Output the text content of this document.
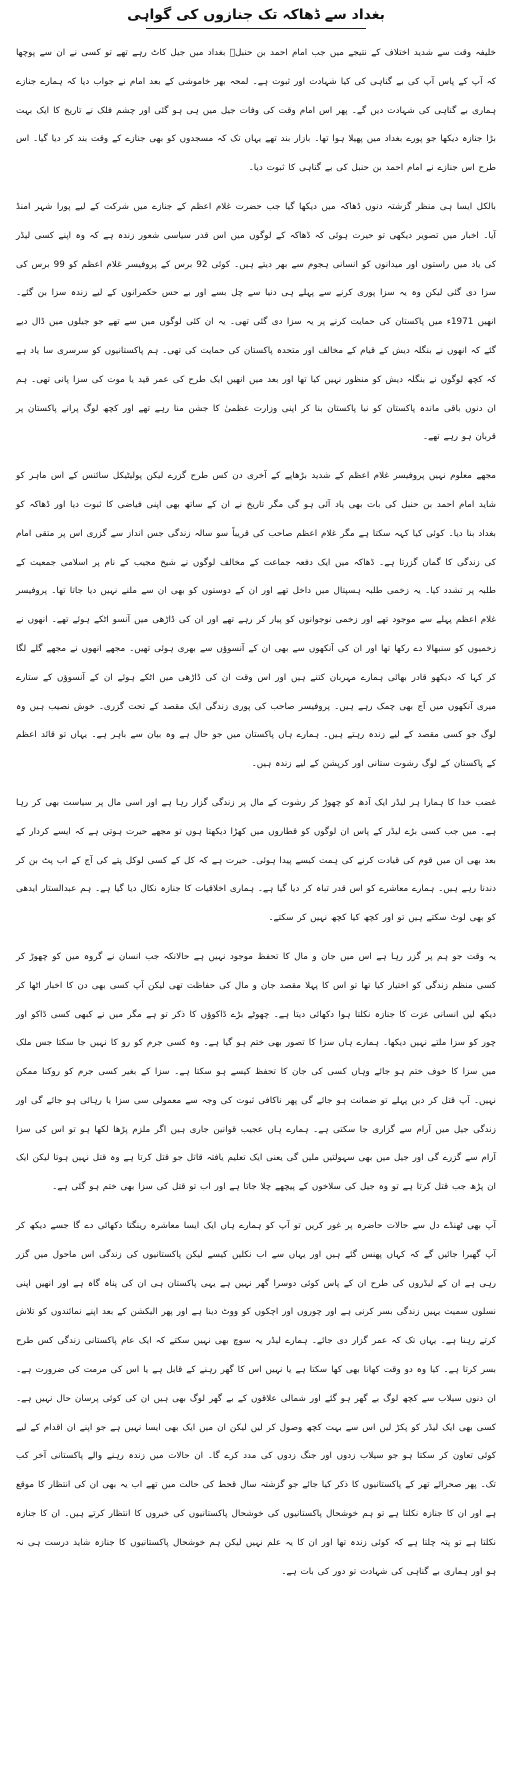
بغداد سے ڈھاکہ تک جنازوں کی گواہی

خلیفہ وقت سے شدید اختلاف کے نتیجے میں جب امام احمد بن حنبلؒ بغداد میں جیل کاٹ رہے تھے تو کسی نے ان سے پوچھا کہ آپ کے پاس آپ کی بے گناہی کی کیا شہادت اور ثبوت ہے۔ لمحہ بھر خاموشی کے بعد امام نے جواب دیا کہ ہمارے جنازے ہماری بے گناہی کی شہادت دیں گے۔ پھر اس امام وقت کی وفات جیل میں ہی ہو گئی اور چشم فلک نے تاریخ کا ایک بہت بڑا جنازہ دیکھا جو پورے بغداد میں پھیلا ہوا تھا۔ بازار بند تھے یہاں تک کہ مسجدوں کو بھی جنازے کے وقت بند کر دیا گیا۔ اس طرح اس جنازے نے امام احمد بن حنبل کی بے گناہی کا ثبوت دیا۔

بالکل ایسا ہی منظر گزشتہ دنوں ڈھاکہ میں دیکھا گیا جب حضرت غلام اعظم کے جنازے میں شرکت کے لیے پورا شہر امنڈ آیا۔ اخبار میں تصویر دیکھی تو حیرت ہوئی کہ ڈھاکہ کے لوگوں میں اس قدر سیاسی شعور زندہ ہے کہ وہ اپنے کسی لیڈر کی یاد میں راستوں اور میدانوں کو انسانی ہجوم سے بھر دیتے ہیں۔ کوئی 92 برس کے پروفیسر غلام اعظم کو 99 برس کی سزا دی گئی لیکن وہ یہ سزا پوری کرنے سے پہلے ہی دنیا سے چل بسے اور بے حس حکمرانوں کے لیے زندہ سزا بن گئے۔ انھیں 1971ء میں پاکستان کی حمایت کرنے پر یہ سزا دی گئی تھی۔ یہ ان کئی لوگوں میں سے تھے جو جیلوں میں ڈال دیے گئے کہ انھوں نے بنگلہ دیش کے قیام کے مخالف اور متحدہ پاکستان کی حمایت کی تھی۔ ہم پاکستانیوں کو سرسری سا یاد ہے کہ کچھ لوگوں نے بنگلہ دیش کو منظور نہیں کیا تھا اور بعد میں انھیں ایک طرح کی عمر قید یا موت کی سزا پانی تھی۔ ہم ان دنوں باقی ماندہ پاکستان کو نیا پاکستان بنا کر اپنی وزارت عظمیٰ کا جشن منا رہے تھے اور کچھ لوگ پرانے پاکستان پر قربان ہو رہے تھے۔

مجھے معلوم نہیں پروفیسر غلام اعظم کے شدید بڑھاپے کے آخری دن کس طرح گزرے لیکن پولیٹیکل سائنس کے اس ماہر کو شاید امام احمد بن حنبل کی بات بھی یاد آئی ہو گی مگر تاریخ نے ان کے ساتھ بھی اپنی فیاضی کا ثبوت دیا اور ڈھاکہ کو بغداد بنا دیا۔ کوئی کیا کہہ سکتا ہے مگر غلام اعظم صاحب کی قریباً سو سالہ زندگی جس انداز سے گزری اس پر متقی امام کی زندگی کا گمان گزرتا ہے۔ ڈھاکہ میں ایک دفعہ جماعت کے مخالف لوگوں نے شیخ مجیب کے نام پر اسلامی جمعیت کے طلبہ پر تشدد کیا۔ یہ زخمی طلبہ ہسپتال میں داخل تھے اور ان کے دوستوں کو بھی ان سے ملنے نہیں دیا جاتا تھا۔ پروفیسر غلام اعظم پہلے سے موجود تھے اور زخمی نوجوانوں کو پیار کر رہے تھے اور ان کی ڈاڑھی میں آنسو اٹکے ہوئے تھے۔ انھوں نے زخمیوں کو سنبھالا دے رکھا تھا اور ان کی آنکھوں سے بھی ان کے آنسوؤں سے بھری ہوئی تھیں۔ مجھے انھوں نے مجھے گلے لگا کر کہا کہ دیکھو قادر بھائی ہمارے مہربان کتنے ہیں اور اس وقت ان کی ڈاڑھی میں اٹکے ہوئے ان کے آنسوؤں کے ستارے میری آنکھوں میں آج بھی چمک رہے ہیں۔ پروفیسر صاحب کی پوری زندگی ایک مقصد کے تحت گزری۔ خوش نصیب ہیں وہ لوگ جو کسی مقصد کے لیے زندہ رہتے ہیں۔ ہمارے ہاں پاکستان میں جو حال ہے وہ بیان سے باہر ہے۔ یہاں تو قائد اعظم کے پاکستان کے لوگ رشوت ستانی اور کرپشن کے لیے زندہ ہیں۔

غضب خدا کا ہمارا ہر لیڈر ایک آدھ کو چھوڑ کر رشوت کے مال پر زندگی گزار رہا ہے اور اسی مال پر سیاست بھی کر رہا ہے۔ میں جب کسی بڑے لیڈر کے پاس ان لوگوں کو قطاروں میں کھڑا دیکھتا ہوں تو مجھے حیرت ہوتی ہے کہ ایسے کردار کے بعد بھی ان میں قوم کی قیادت کرنے کی ہمت کیسے پیدا ہوئی۔ حیرت ہے کہ کل کے کسی لوکل پتے کی آج کے اب پٹ بن کر دندنا رہے ہیں۔ ہمارے معاشرے کو اس قدر تباہ کر دیا گیا ہے۔ ہماری اخلاقیات کا جنازہ نکال دیا گیا ہے۔ ہم عبدالستار ایدھی کو بھی لوٹ سکتے ہیں تو اور کچھ کیا کچھ نہیں کر سکتے۔

یہ وقت جو ہم پر گزر رہا ہے اس میں جان و مال کا تحفظ موجود نہیں ہے حالانکہ جب انسان نے گروہ میں کو چھوڑ کر کسی منظم زندگی کو اختیار کیا تھا تو اس کا پہلا مقصد جان و مال کی حفاظت تھی لیکن آپ کسی بھی دن کا اخبار اٹھا کر دیکھ لیں انسانی عزت کا جنازہ نکلتا ہوا دکھائی دیتا ہے۔ چھوٹے بڑے ڈاکوؤں کا ذکر تو ہے مگر میں نے کبھی کسی ڈاکو اور چور کو سزا ملتے نہیں دیکھا۔ ہمارے ہاں سزا کا تصور بھی ختم ہو گیا ہے۔ وہ کسی جرم کو رو کا نہیں جا سکتا جس ملک میں سزا کا خوف ختم ہو جائے وہاں کسی کی جان کا تحفظ کیسے ہو سکتا ہے۔ سزا کے بغیر کسی جرم کو روکنا ممکن نہیں۔ آپ قتل کر دیں پہلے تو ضمانت ہو جائے گی پھر ناکافی ثبوت کی وجہ سے معمولی سی سزا یا رہائی ہو جائے گی اور زندگی جیل میں آرام سے گزاری جا سکتی ہے۔ ہمارے ہاں عجیب قوانین جاری ہیں اگر ملزم پڑھا لکھا ہو تو اس کی سزا آرام سے گزرے گی اور جیل میں بھی سہولتیں ملیں گی یعنی ایک تعلیم یافتہ قاتل جو قتل کرتا ہے وہ قتل نہیں ہوتا لیکن ایک ان پڑھ جب قتل کرتا ہے تو وہ جیل کی سلاخوں کے پیچھے چلا جاتا ہے اور اب تو قتل کی سزا بھی ختم ہو گئی ہے۔

آپ بھی ٹھنڈے دل سے حالات حاضرہ پر غور کریں تو آپ کو ہمارے ہاں ایک ایسا معاشرہ رینگتا دکھائی دے گا جسے دیکھ کر آپ گھبرا جائیں گے کہ کہاں پھنس گئے ہیں اور یہاں سے اب نکلیں کیسے لیکن پاکستانیوں کی زندگی اس ماحول میں گزر رہی ہے ان کے لیڈروں کی طرح ان کے پاس کوئی دوسرا گھر نہیں ہے یہی پاکستان ہی ان کی پناہ گاہ ہے اور انھیں اپنی نسلوں سمیت یہیں زندگی بسر کرنی ہے اور چوروں اور اچکوں کو ووٹ دینا ہے اور پھر الیکشن کے بعد اپنے نمائندوں کو تلاش کرتے رہنا ہے۔ یہاں تک کہ عمر گزار دی جائے۔ ہمارے لیڈر یہ سوچ بھی نہیں سکتے کہ ایک عام پاکستانی زندگی کس طرح بسر کرتا ہے۔ کیا وہ دو وقت کھانا بھی کھا سکتا ہے یا نہیں اس کا گھر رہنے کے قابل ہے یا اس کی مرمت کی ضرورت ہے۔ ان دنوں سیلاب سے کچھ لوگ بے گھر ہو گئے اور شمالی علاقوں کے بے گھر لوگ بھی ہیں ان کی کوئی پرسان حال نہیں ہے۔ کسی بھی ایک لیڈر کو پکڑ لیں اس سے بہت کچھ وصول کر لیں لیکن ان میں ایک بھی ایسا نہیں ہے جو اپنے ان اقدام کے لیے کوئی تعاون کر سکتا ہو جو سیلاب زدوں اور جنگ زدوں کی مدد کرے گا۔ ان حالات میں زندہ رہنے والے پاکستانی آخر کب تک۔ پھر صحرائے تھر کے پاکستانیوں کا ذکر کیا جائے جو گزشتہ سال قحط کی حالت میں تھے اب یہ بھی ان کی انتظار کا موقع ہے اور ان کا جنازہ نکلتا ہے تو ہم خوشحال پاکستانیوں کی خوشحال پاکستانیوں کی خبروں کا انتظار کرتے ہیں۔ ان کا جنازہ نکلتا ہے تو پتہ چلتا ہے کہ کوئی زندہ تھا اور ان کا یہ علم نہیں لیکن ہم خوشحال پاکستانیوں کا جنازہ شاید درست ہی نہ ہو اور ہماری بے گناہی کی شہادت تو دور کی بات ہے۔
